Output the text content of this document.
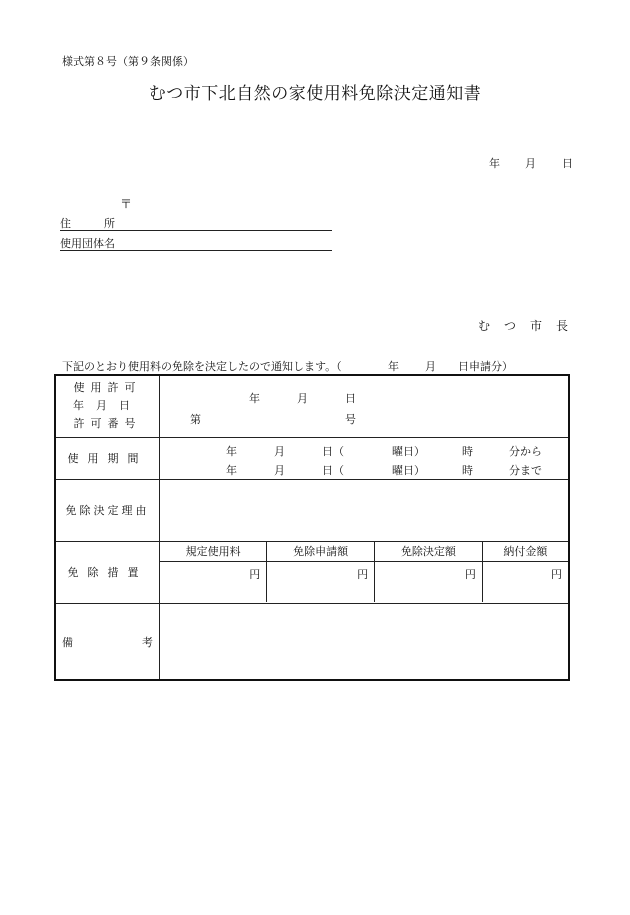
様式第８号（第９条関係）
むつ市下北自然の家使用料免除決定通知書
年 月 日
〒
住　　　所
使用団体名
む　つ　市　長
下記のとおり使用料の免除を決定したので通知します。（	年 月 日申請分）
使用許可
年月日
許可番号

年	月	日
第	号

使用期間	
年	月	日（	曜日）	時	分から
年	月	日（	曜日）	時	分まで

免除決定理由	
免除措置	
規定使用料	免除申請額	免除決定額	納付金額
円	円	円	円

備	考
